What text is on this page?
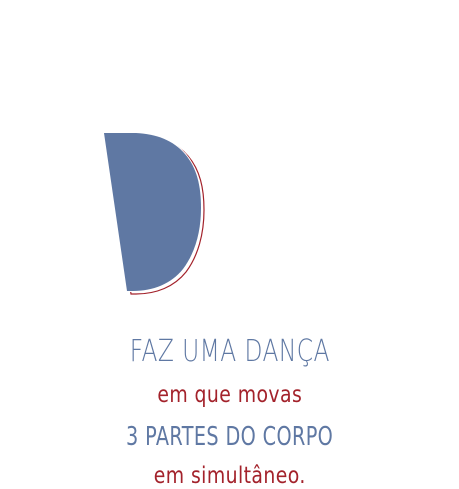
FAZ UMA DANÇA
em que movas
3 PARTES DO CORPO
em simultâneo.
